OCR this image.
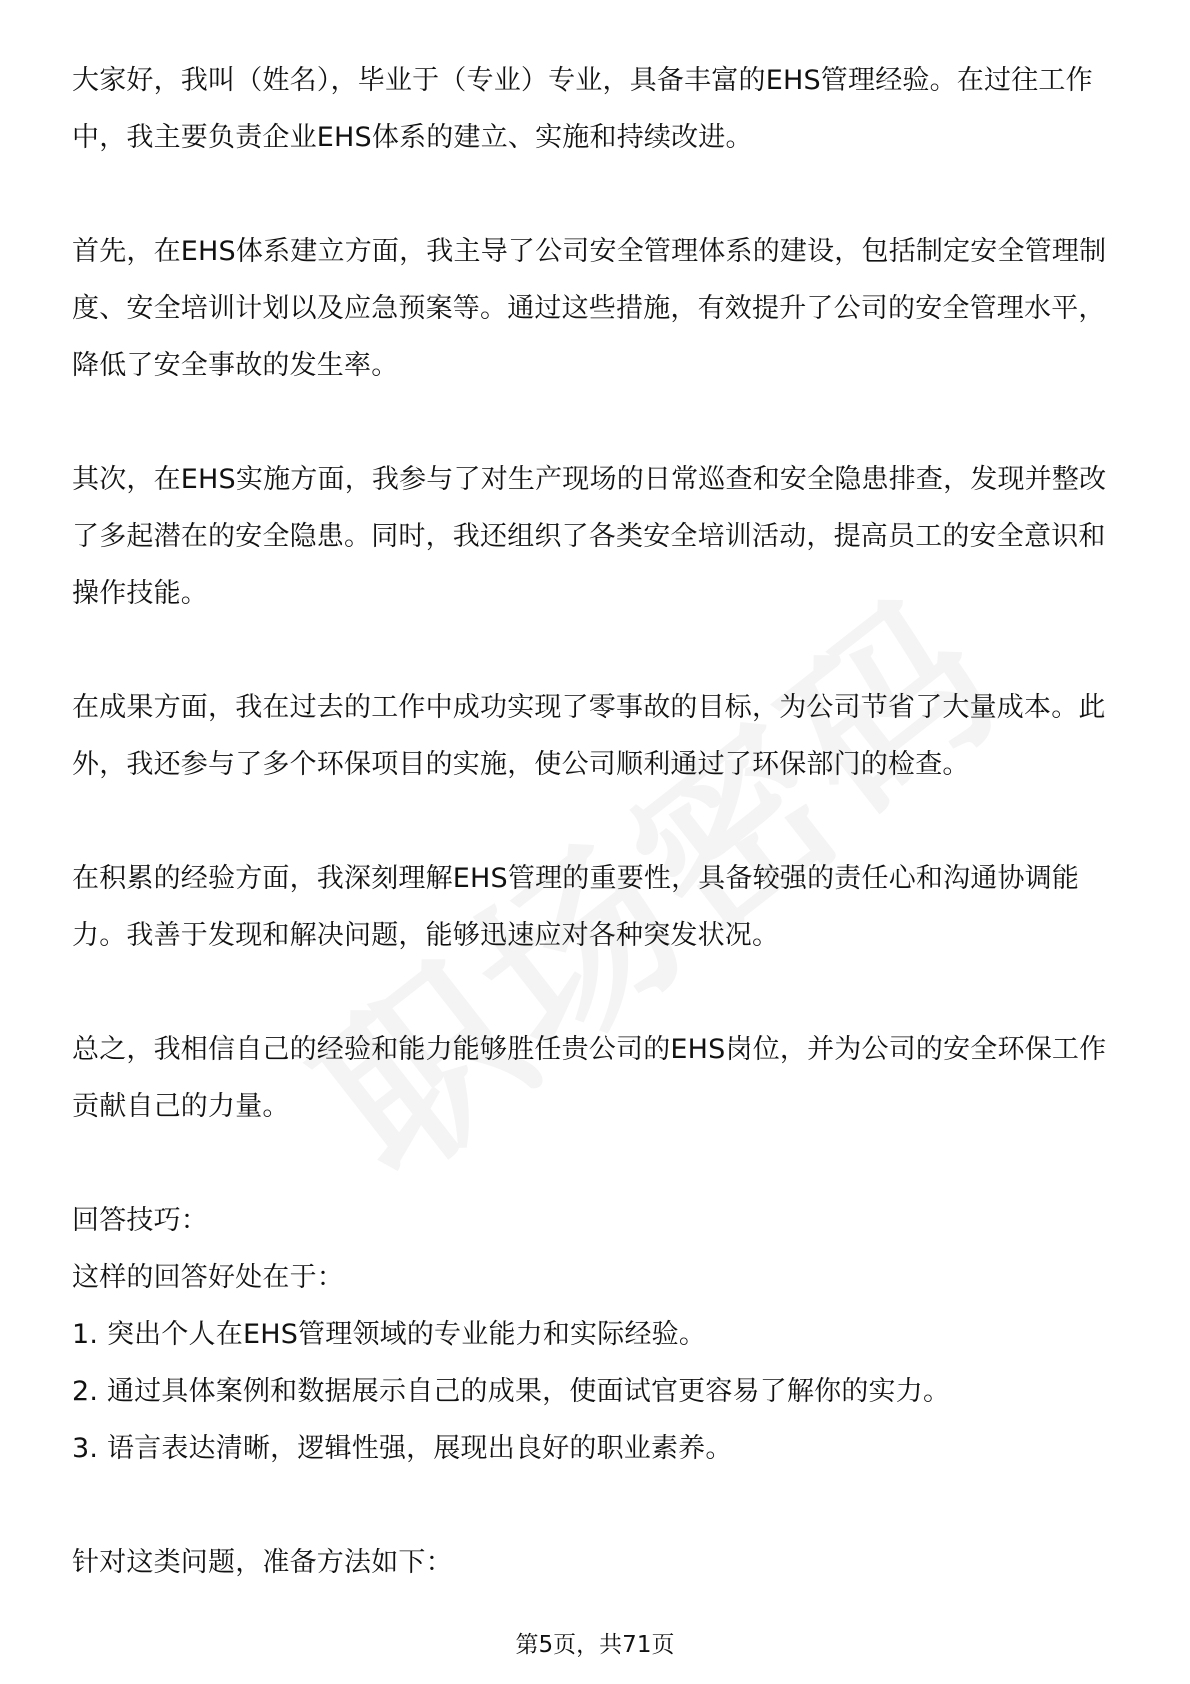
大家好，我叫（姓名），毕业于（专业）专业，具备丰富的EHS管理经验。在过往工作中，我主要负责企业EHS体系的建立、实施和持续改进。

首先，在EHS体系建立方面，我主导了公司安全管理体系的建设，包括制定安全管理制度、安全培训计划以及应急预案等。通过这些措施，有效提升了公司的安全管理水平，降低了安全事故的发生率。

其次，在EHS实施方面，我参与了对生产现场的日常巡查和安全隐患排查，发现并整改了多起潜在的安全隐患。同时，我还组织了各类安全培训活动，提高员工的安全意识和操作技能。

在成果方面，我在过去的工作中成功实现了零事故的目标，为公司节省了大量成本。此外，我还参与了多个环保项目的实施，使公司顺利通过了环保部门的检查。

在积累的经验方面，我深刻理解EHS管理的重要性，具备较强的责任心和沟通协调能力。我善于发现和解决问题，能够迅速应对各种突发状况。

总之，我相信自己的经验和能力能够胜任贵公司的EHS岗位，并为公司的安全环保工作贡献自己的力量。

回答技巧：

这样的回答好处在于：

1. 突出个人在EHS管理领域的专业能力和实际经验。

2. 通过具体案例和数据展示自己的成果，使面试官更容易了解你的实力。

3. 语言表达清晰，逻辑性强，展现出良好的职业素养。

针对这类问题，准备方法如下：

第5页，共71页
